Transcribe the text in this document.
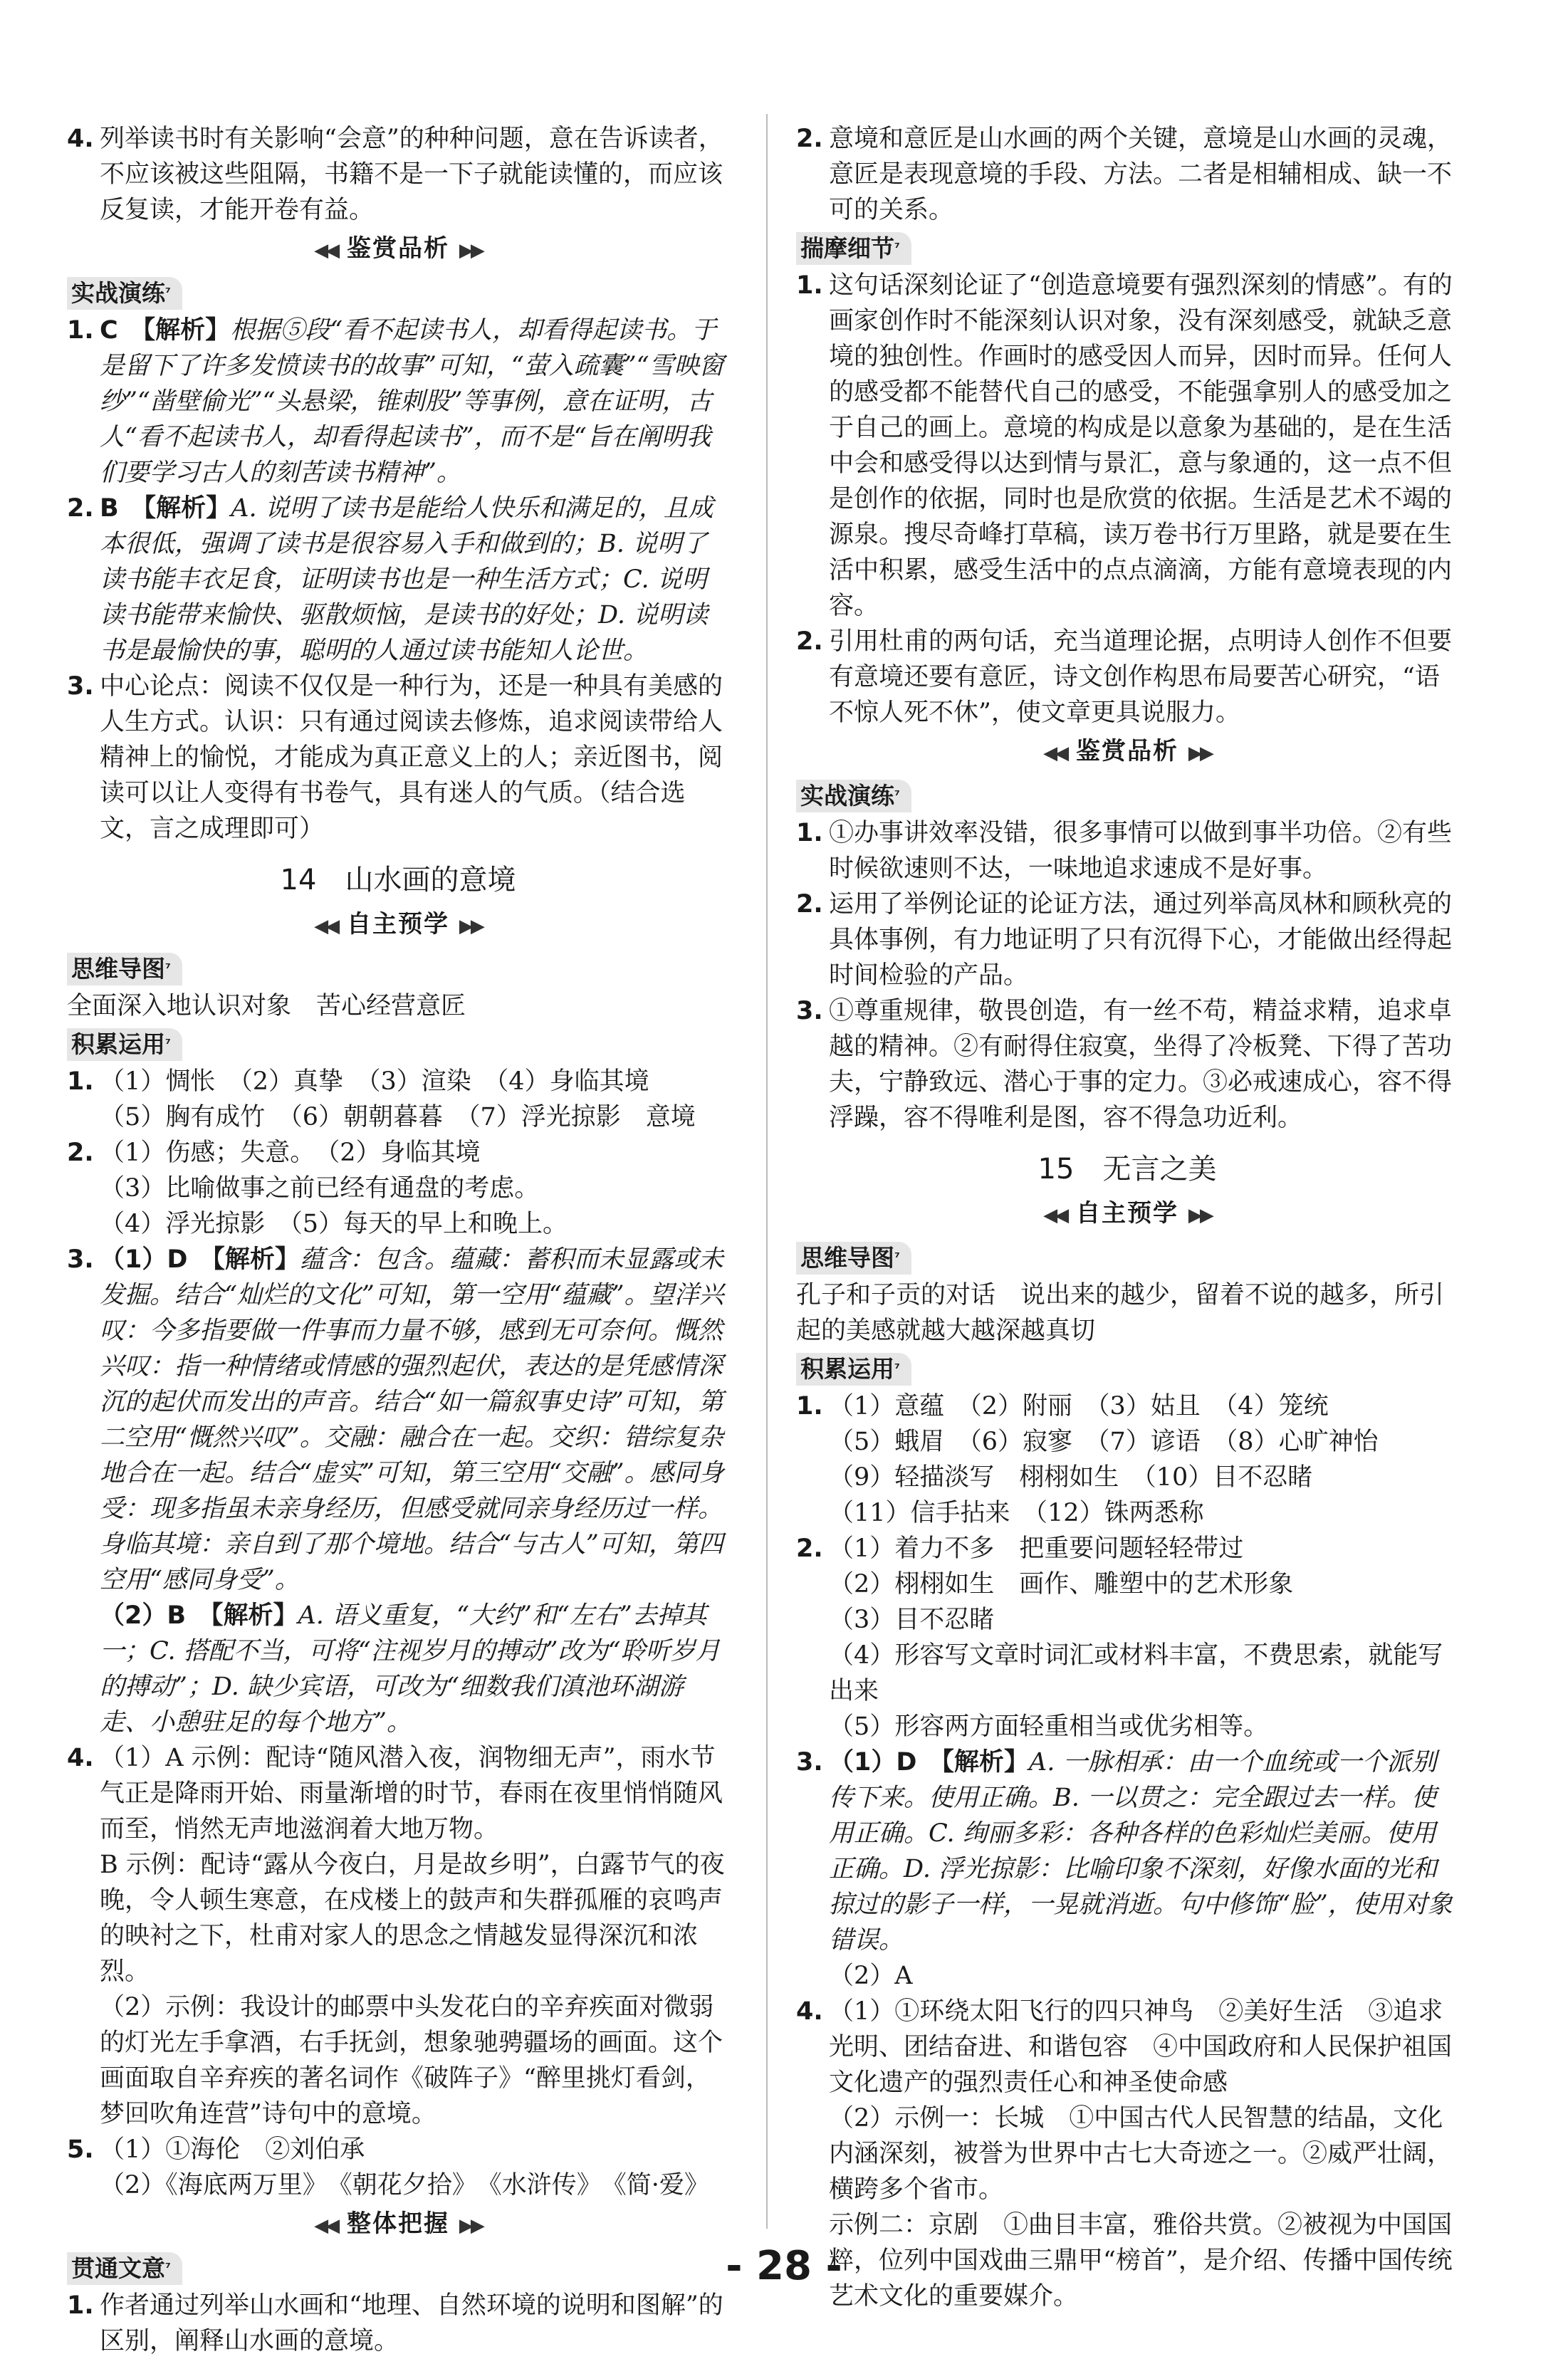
4. 列举读书时有关影响“会意”的种种问题，意在告诉读者，不应该被这些阻隔，书籍不是一下子就能读懂的，而应该反复读，才能开卷有益。
◀◀ 鉴赏品析 ▶▶
实战演练$^{^7}$
1. C　【解析】根据⑤段“看不起读书人，却看得起读书。于是留下了许多发愤读书的故事”可知，“萤入疏囊”“雪映窗纱”“凿壁偷光”“头悬梁，锥刺股”等事例，意在证明，古人“看不起读书人，却看得起读书”，而不是“旨在阐明我们要学习古人的刻苦读书精神”。
2. B　【解析】A. 说明了读书是能给人快乐和满足的，且成本很低，强调了读书是很容易入手和做到的；B. 说明了读书能丰衣足食，证明读书也是一种生活方式；C. 说明读书能带来愉快、驱散烦恼，是读书的好处；D. 说明读书是最愉快的事，聪明的人通过读书能知人论世。
3. 中心论点：阅读不仅仅是一种行为，还是一种具有美感的人生方式。认识：只有通过阅读去修炼，追求阅读带给人精神上的愉悦，才能成为真正意义上的人；亲近图书，阅读可以让人变得有书卷气，具有迷人的气质。（结合选文，言之成理即可）
14　山水画的意境
◀◀ 自主预学 ▶▶
思维导图$^{^7}$

全面深入地认识对象　苦心经营意匠

积累运用$^{^7}$
1. （1）惆怅　（2）真挚　（3）渲染　（4）身临其境

（5）胸有成竹　（6）朝朝暮暮　（7）浮光掠影　意境

2. （1）伤感；失意。　（2）身临其境

（3）比喻做事之前已经有通盘的考虑。

（4）浮光掠影　（5）每天的早上和晚上。

3. （1）D　【解析】蕴含：包含。蕴藏：蓄积而未显露或未发掘。结合“灿烂的文化”可知，第一空用“蕴藏”。望洋兴叹：今多指要做一件事而力量不够，感到无可奈何。慨然兴叹：指一种情绪或情感的强烈起伏，表达的是凭感情深沉的起伏而发出的声音。结合“如一篇叙事史诗”可知，第二空用“慨然兴叹”。交融：融合在一起。交织：错综复杂地合在一起。结合“虚实”可知，第三空用“交融”。感同身受：现多指虽未亲身经历，但感受就同亲身经历过一样。身临其境：亲自到了那个境地。结合“与古人”可知，第四空用“感同身受”。

（2）B　【解析】A. 语义重复，“大约”和“左右”去掉其一；C. 搭配不当，可将“注视岁月的搏动”改为“聆听岁月的搏动”；D. 缺少宾语，可改为“细数我们滇池环湖游走、小憩驻足的每个地方”。

4. （1）A 示例：配诗“随风潜入夜，润物细无声”，雨水节气正是降雨开始、雨量渐增的时节，春雨在夜里悄悄随风而至，悄然无声地滋润着大地万物。

B 示例：配诗“露从今夜白，月是故乡明”，白露节气的夜晚，令人顿生寒意，在戍楼上的鼓声和失群孤雁的哀鸣声的映衬之下，杜甫对家人的思念之情越发显得深沉和浓烈。

（2）示例：我设计的邮票中头发花白的辛弃疾面对微弱的灯光左手拿酒，右手抚剑，想象驰骋疆场的画面。这个画面取自辛弃疾的著名词作《破阵子》“醉里挑灯看剑，梦回吹角连营”诗句中的意境。

5. （1）①海伦　②刘伯承

（2）《海底两万里》　《朝花夕拾》　《水浒传》　《简·爱》

◀◀ 整体把握 ▶▶
贯通文意$^{^7}$
1. 作者通过列举山水画和“地理、自然环境的说明和图解”的区别，阐释山水画的意境。
2. 意境和意匠是山水画的两个关键，意境是山水画的灵魂，意匠是表现意境的手段、方法。二者是相辅相成、缺一不可的关系。
揣摩细节$^{^7}$
1. 这句话深刻论证了“创造意境要有强烈深刻的情感”。有的画家创作时不能深刻认识对象，没有深刻感受，就缺乏意境的独创性。作画时的感受因人而异，因时而异。任何人的感受都不能替代自己的感受，不能强拿别人的感受加之于自己的画上。意境的构成是以意象为基础的，是在生活中会和感受得以达到情与景汇，意与象通的，这一点不但是创作的依据，同时也是欣赏的依据。生活是艺术不竭的源泉。搜尽奇峰打草稿，读万卷书行万里路，就是要在生活中积累，感受生活中的点点滴滴，方能有意境表现的内容。
2. 引用杜甫的两句话，充当道理论据，点明诗人创作不但要有意境还要有意匠，诗文创作构思布局要苦心研究，“语不惊人死不休”，使文章更具说服力。
◀◀ 鉴赏品析 ▶▶
实战演练$^{^7}$
1. ①办事讲效率没错，很多事情可以做到事半功倍。②有些时候欲速则不达，一味地追求速成不是好事。
2. 运用了举例论证的论证方法，通过列举高凤林和顾秋亮的具体事例，有力地证明了只有沉得下心，才能做出经得起时间检验的产品。
3. ①尊重规律，敬畏创造，有一丝不苟，精益求精，追求卓越的精神。②有耐得住寂寞，坐得了冷板凳、下得了苦功夫，宁静致远、潜心于事的定力。③必戒速成心，容不得浮躁，容不得唯利是图，容不得急功近利。
15　无言之美
◀◀ 自主预学 ▶▶
思维导图$^{^7}$

孔子和子贡的对话　说出来的越少，留着不说的越多，所引起的美感就越大越深越真切

积累运用$^{^7}$
1. （1）意蕴　（2）附丽　（3）姑且　（4）笼统

（5）蛾眉　（6）寂寥　（7）谚语　（8）心旷神怡

（9）轻描淡写　栩栩如生　（10）目不忍睹

（11）信手拈来　（12）铢两悉称

2. （1）着力不多　把重要问题轻轻带过

（2）栩栩如生　画作、雕塑中的艺术形象

（3）目不忍睹

（4）形容写文章时词汇或材料丰富，不费思索，就能写出来

（5）形容两方面轻重相当或优劣相等。

3. （1）D　【解析】A. 一脉相承：由一个血统或一个派别传下来。使用正确。B. 一以贯之：完全跟过去一样。使用正确。C. 绚丽多彩：各种各样的色彩灿烂美丽。使用正确。D. 浮光掠影：比喻印象不深刻，好像水面的光和掠过的影子一样，一晃就消逝。句中修饰“脸”，使用对象错误。

（2）A

4. （1）①环绕太阳飞行的四只神鸟　②美好生活　③追求光明、团结奋进、和谐包容　④中国政府和人民保护祖国文化遗产的强烈责任心和神圣使命感

（2）示例一：长城　①中国古代人民智慧的结晶，文化内涵深刻，被誉为世界中古七大奇迹之一。②威严壮阔，横跨多个省市。

示例二：京剧　①曲目丰富，雅俗共赏。②被视为中国国粹，位列中国戏曲三鼎甲“榜首”，是介绍、传播中国传统艺术文化的重要媒介。

- 28 -
